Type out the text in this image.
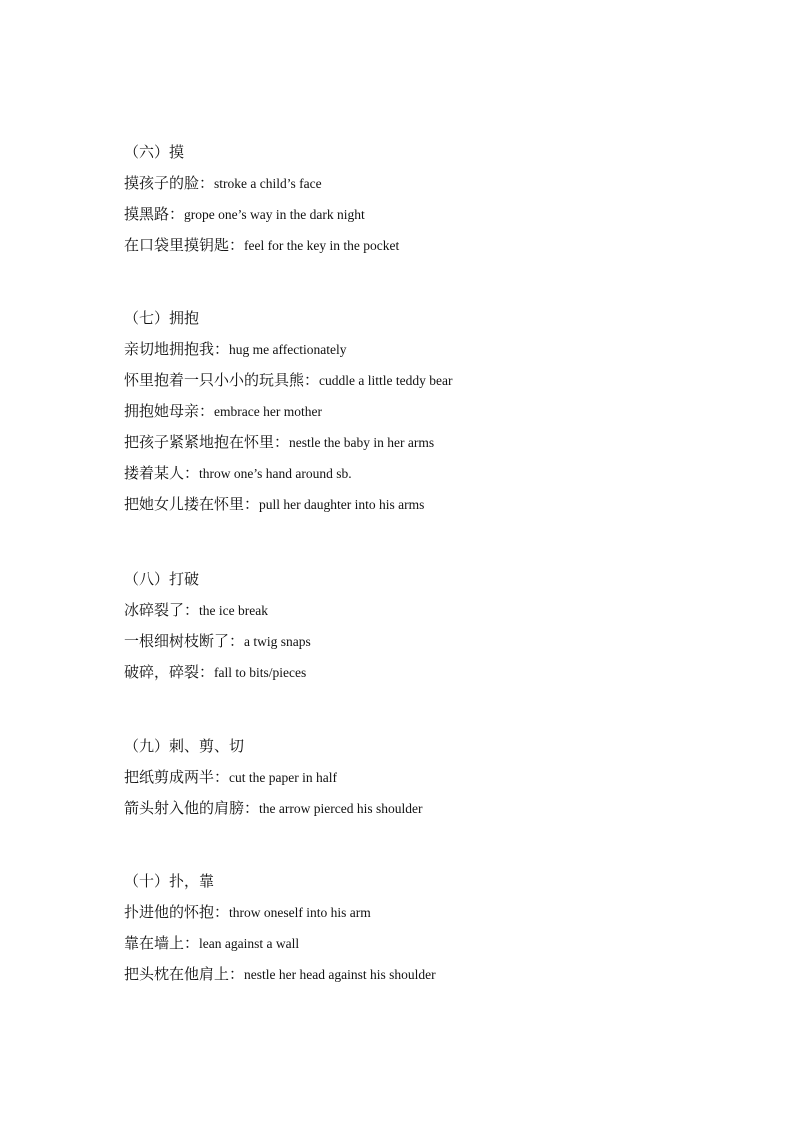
（六）摸
摸孩子的脸：stroke a child’s face
摸黑路：grope one’s way in the dark night
在口袋里摸钥匙：feel for the key in the pocket
（七）拥抱
亲切地拥抱我：hug me affectionately
怀里抱着一只小小的玩具熊：cuddle a little teddy bear
拥抱她母亲：embrace her mother
把孩子紧紧地抱在怀里：nestle the baby in her arms
搂着某人：throw one’s hand around sb.
把她女儿搂在怀里：pull her daughter into his arms
（八）打破
冰碎裂了：the ice break
一根细树枝断了：a twig snaps
破碎，碎裂：fall to bits/pieces
（九）刺、剪、切
把纸剪成两半：cut the paper in half
箭头射入他的肩膀：the arrow pierced his shoulder
（十）扑，靠
扑进他的怀抱：throw oneself into his arm
靠在墙上：lean against a wall
把头枕在他肩上：nestle her head against his shoulder
